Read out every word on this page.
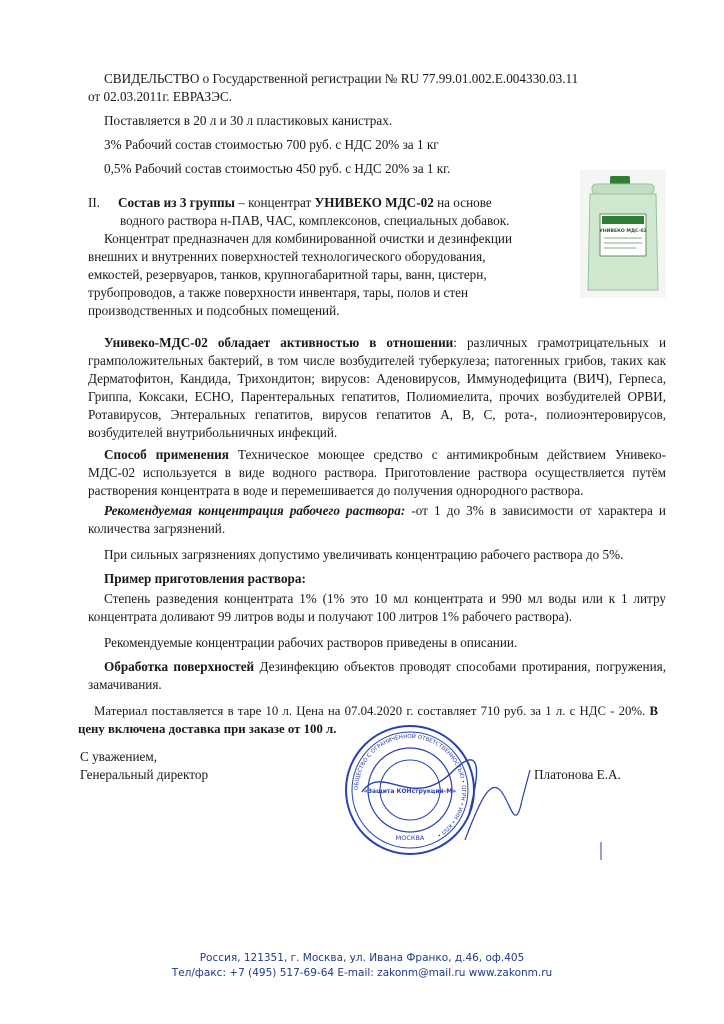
СВИДЕЛЬСТВО о Государственной регистрации № RU 77.99.01.002.Е.004330.03.11

от 02.03.2011г. ЕВРАЗЭС.

Поставляется в 20 л и 30 л пластиковых канистрах.

3% Рабочий состав стоимостью 700 руб. с НДС 20% за 1 кг

0,5% Рабочий состав стоимостью 450 руб. с НДС 20% за 1 кг.

II. Состав из 3 группы – концентрат УНИВЕКО МДС-02 на основе

водного раствора н-ПАВ, ЧАС, комплексонов, специальных добавок.

Концентрат предназначен для комбинированной очистки и дезинфекции

внешних и внутренних поверхностей технологического оборудования,

емкостей, резервуаров, танков, крупногабаритной тары, ванн, цистерн,

трубопроводов, а также поверхности инвентаря, тары, полов и стен

производственных и подсобных помещений.

УНИВЕКО МДС-02

Унивеко-МДС-02 обладает активностью в отношении: различных грамотрицательных и грамположительных бактерий, в том числе возбудителей туберкулеза; патогенных грибов, таких как Дерматофитон, Кандида, Трихондитон; вирусов: Аденовирусов, Иммунодефицита (ВИЧ), Герпеса, Гриппа, Коксаки, ЕСНО, Парентеральных гепатитов, Полиомиелита, прочих возбудителей ОРВИ, Ротавирусов, Энтеральных гепатитов, вирусов гепатитов А, В, С, рота-, полиоэнтеровирусов, возбудителей внутрибольничных инфекций.

Способ применения Техническое моющее средство с антимикробным действием Унивеко-МДС-02 используется в виде водного раствора. Приготовление раствора осуществляется путём растворения концентрата в воде и перемешивается до получения однородного раствора.

Рекомендуемая концентрация рабочего раствора: -от 1 до 3% в зависимости от характера и количества загрязнений.

При сильных загрязнениях допустимо увеличивать концентрацию рабочего раствора до 5%.

Пример приготовления раствора:

Степень разведения концентрата 1% (1% это 10 мл концентрата и 990 мл воды или к 1 литру концентрата доливают 99 литров воды и получают 100 литров 1% рабочего раствора).

Рекомендуемые концентрации рабочих растворов приведены в описании.

Обработка поверхностей Дезинфекцию объектов проводят способами протирания, погружения, замачивания.

Материал поставляется в таре 10 л. Цена на 07.04.2020 г. составляет 710 руб. за 1 л. с НДС - 20%. В цену включена доставка при заказе от 100 л.

С уважением,

Генеральный директор	Платонова Е.А.

ОБЩЕСТВО С ОГРАНИЧЕННОЙ ОТВЕТСТВЕННОСТЬЮ • ОГРН • ИНН • КПП •
«Защита КОНструкций-М»
МОСКВА
Россия, 121351, г. Москва, ул. Ивана Франко, д.46, оф.405
Тел/факс: +7 (495) 517-69-64 E-mail: zakonm@mail.ru www.zakonm.ru
